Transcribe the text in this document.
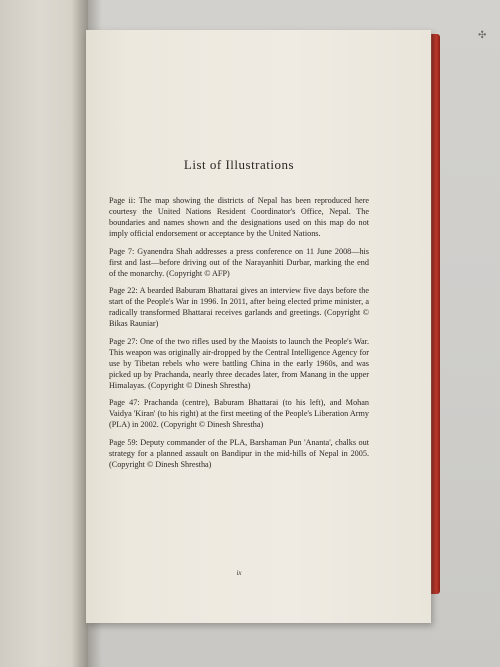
✣
List of Illustrations

Page ii: The map showing the districts of Nepal has been reproduced here courtesy the United Nations Resident Coordinator's Office, Nepal. The boundaries and names shown and the designations used on this map do not imply official endorsement or acceptance by the United Nations.

Page 7: Gyanendra Shah addresses a press conference on 11 June 2008—his first and last—before driving out of the Narayanhiti Durbar, marking the end of the monarchy. (Copyright © AFP)

Page 22: A bearded Baburam Bhattarai gives an interview five days before the start of the People's War in 1996. In 2011, after being elected prime minister, a radically transformed Bhattarai receives garlands and greetings. (Copyright © Bikas Rauniar)

Page 27: One of the two rifles used by the Maoists to launch the People's War. This weapon was originally air-dropped by the Central Intelligence Agency for use by Tibetan rebels who were battling China in the early 1960s, and was picked up by Prachanda, nearly three decades later, from Manang in the upper Himalayas. (Copyright © Dinesh Shrestha)

Page 47: Prachanda (centre), Baburam Bhattarai (to his left), and Mohan Vaidya 'Kiran' (to his right) at the first meeting of the People's Liberation Army (PLA) in 2002. (Copyright © Dinesh Shrestha)

Page 59: Deputy commander of the PLA, Barshaman Pun 'Ananta', chalks out strategy for a planned assault on Bandipur in the mid-hills of Nepal in 2005. (Copyright © Dinesh Shrestha)

ix
